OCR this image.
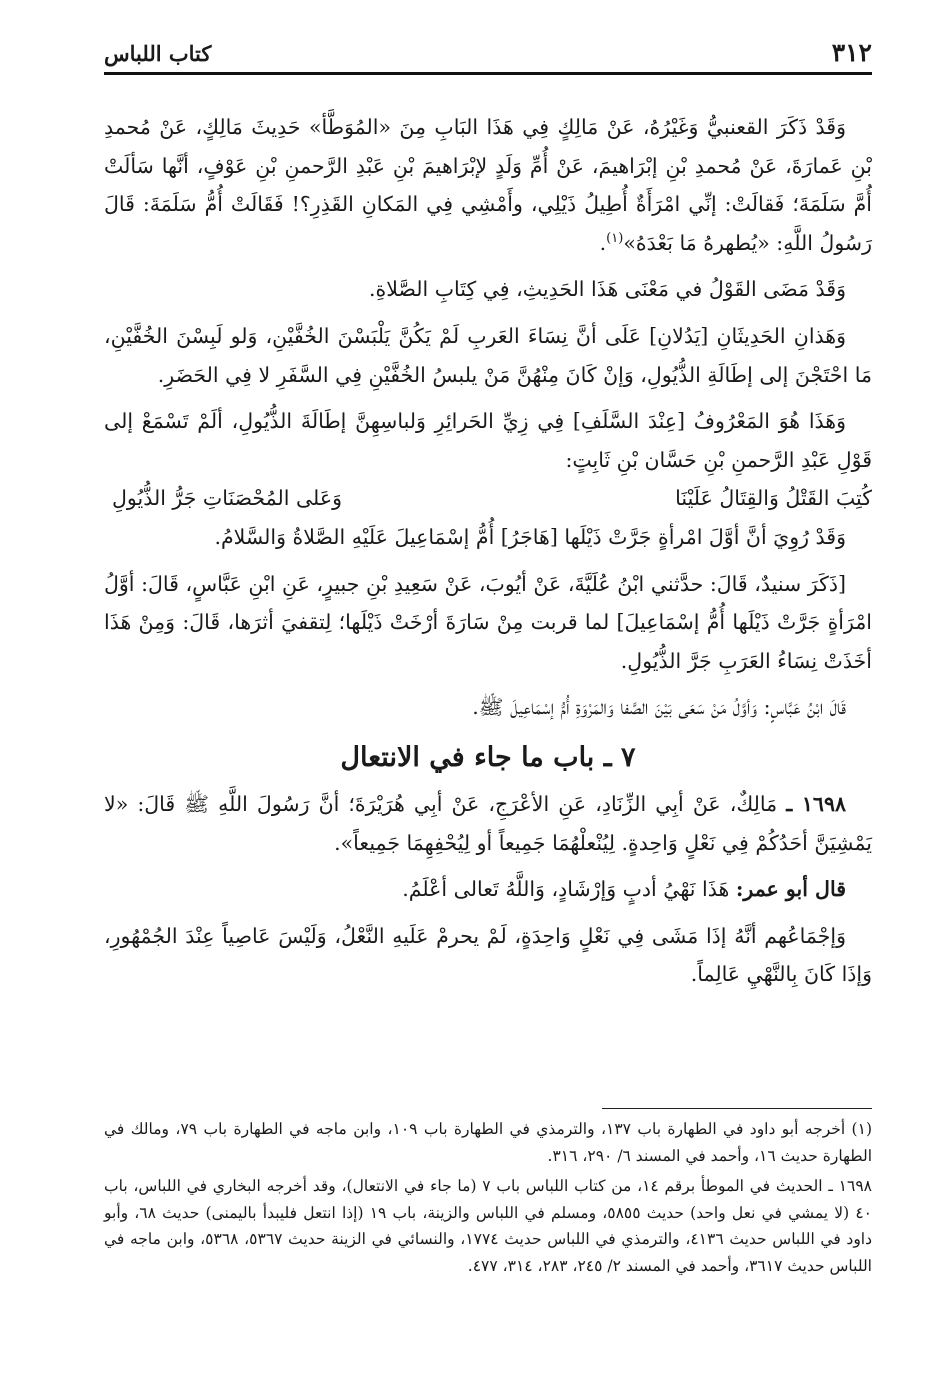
٣١٢
كتاب اللباس

وَقَدْ ذَكَرَ القعنبيُّ وَغَيْرُهُ، عَنْ مَالِكٍ فِي هَذَا البَابِ مِنَ «المُوَطَّأ» حَدِيثَ مَالِكٍ، عَنْ مُحمدِ بْنِ عَمارَةَ، عَنْ مُحمدِ بْنِ إبْرَاهيمَ، عَنْ أُمِّ وَلَدٍ لإبْرَاهيمَ بْنِ عَبْدِ الرَّحمنِ بْنِ عَوْفٍ، أنَّها سَألَتْ أُمَّ سَلَمَةَ؛ فَقالَتْ: إنِّي امْرَأَةٌ أُطِيلُ ذَيْلِي، وأَمْشِي فِي المَكانِ القَذِرِ؟! فَقَالَتْ أُمُّ سَلَمَةَ: قَالَ رَسُولُ اللَّهِ: «يُطهرهُ مَا بَعْدَهُ»$^{(١)}$.

وَقَدْ مَضَى القَوْلُ في مَعْنَى هَذَا الحَدِيثِ، فِي كِتَابِ الصَّلاةِ.

وَهَذانِ الحَدِيثَانِ [يَدُلانِ] عَلَى أنَّ نِسَاءَ العَربِ لَمْ يَكُنَّ يَلْبَسْنَ الخُفَّيْنِ، وَلو لَبِسْنَ الخُفَّيْنِ، مَا احْتَجْنَ إلى إطَالَةِ الذُّيُولِ، وَإنْ كَانَ مِنْهُنَّ مَنْ يلبسُ الخُفَّيْنِ فِي السَّفَرِ لا فِي الحَضَرِ.

وَهَذَا هُوَ المَعْرُوفُ [عِنْدَ السَّلَفِ] فِي زِيِّ الحَرائِرِ وَلباسِهِنَّ إطَالَةَ الذُّيُولِ، ألَمْ تَسْمَعْ إلى قَوْلِ عَبْدِ الرَّحمنِ بْنِ حَسَّان بْنِ ثَابِتٍ:

كُتِبَ القَتْلُ وَالقِتَالُ عَلَيْنَا
وَعَلى المُحْصَنَاتِ جَرُّ الذُّيُولِ

وَقَدْ رُوِيَ أنَّ أوَّلَ امْرأةٍ جَرَّتْ ذَيْلَها [هَاجَرُ] أُمُّ إسْمَاعِيلَ عَلَيْهِ الصَّلاةُ وَالسَّلامُ.

[ذَكَرَ سنيدٌ، قَالَ: حدَّثني ابْنُ عُلَيَّةَ، عَنْ أيُوبَ، عَنْ سَعِيدِ بْنِ جبيرٍ، عَنِ ابْنِ عَبَّاسٍ، قَالَ: أوَّلُ امْرَأةٍ جَرَّتْ ذَيْلَها أُمُّ إسْمَاعِيلَ] لما قربت مِنْ سَارَةَ أرْخَتْ ذَيْلَها؛ لِتقفيَ أثرَها، قَالَ: وَمِنْ هَذَا أخَذَتْ نِسَاءُ العَرَبِ جَرَّ الذُّيُولِ.

قَالَ ابْنُ عَبَّاسٍ: وَأوَّلُ مَنْ سَعَى بَيْنَ الصَّفا وَالمَرْوَةِ أُمُّ إسْمَاعِيلَ ﷺ.

٧ ـ باب ما جاء في الانتعال

١٦٩٨ ـ مَالِكٌ، عَنْ أبِي الزِّنَادِ، عَنِ الأعْرَجِ، عَنْ أبِي هُرَيْرَةَ؛ أنَّ رَسُولَ اللَّهِ ﷺ قَالَ: «لا يَمْشِيَنَّ أحَدُكُمْ فِي نَعْلٍ وَاحِدةٍ. لِيُنْعلْهُمَا جَمِيعاً أو لِيُحْفِهِمَا جَمِيعاً».

قال أبو عمر: هَذَا نَهْيُ أدبٍ وَإرْشَادٍ، وَاللَّهُ تَعالى أعْلَمُ.

وَإجْمَاعُهم أنَّهُ إذَا مَشَى فِي نَعْلٍ وَاحِدَةٍ، لَمْ يحرمْ عَلَيهِ النَّعْلُ، وَلَيْسَ عَاصِياً عِنْدَ الجُمْهُورِ، وَإذَا كَانَ بِالنَّهْيِ عَالِماً.

(١) أخرجه أبو داود في الطهارة باب ١٣٧، والترمذي في الطهارة باب ١٠٩، وابن ماجه في الطهارة باب ٧٩، ومالك في الطهارة حديث ١٦، وأحمد في المسند ٦/ ٢٩٠، ٣١٦.

١٦٩٨ ـ الحديث في الموطأ برقم ١٤، من كتاب اللباس باب ٧ (ما جاء في الانتعال)، وقد أخرجه البخاري في اللباس، باب ٤٠ (لا يمشي في نعل واحد) حديث ٥٨٥٥، ومسلم في اللباس والزينة، باب ١٩ (إذا انتعل فليبدأ باليمنى) حديث ٦٨، وأبو داود في اللباس حديث ٤١٣٦، والترمذي في اللباس حديث ١٧٧٤، والنسائي في الزينة حديث ٥٣٦٧، ٥٣٦٨، وابن ماجه في اللباس حديث ٣٦١٧، وأحمد في المسند ٢/ ٢٤٥، ٢٨٣، ٣١٤، ٤٧٧.
